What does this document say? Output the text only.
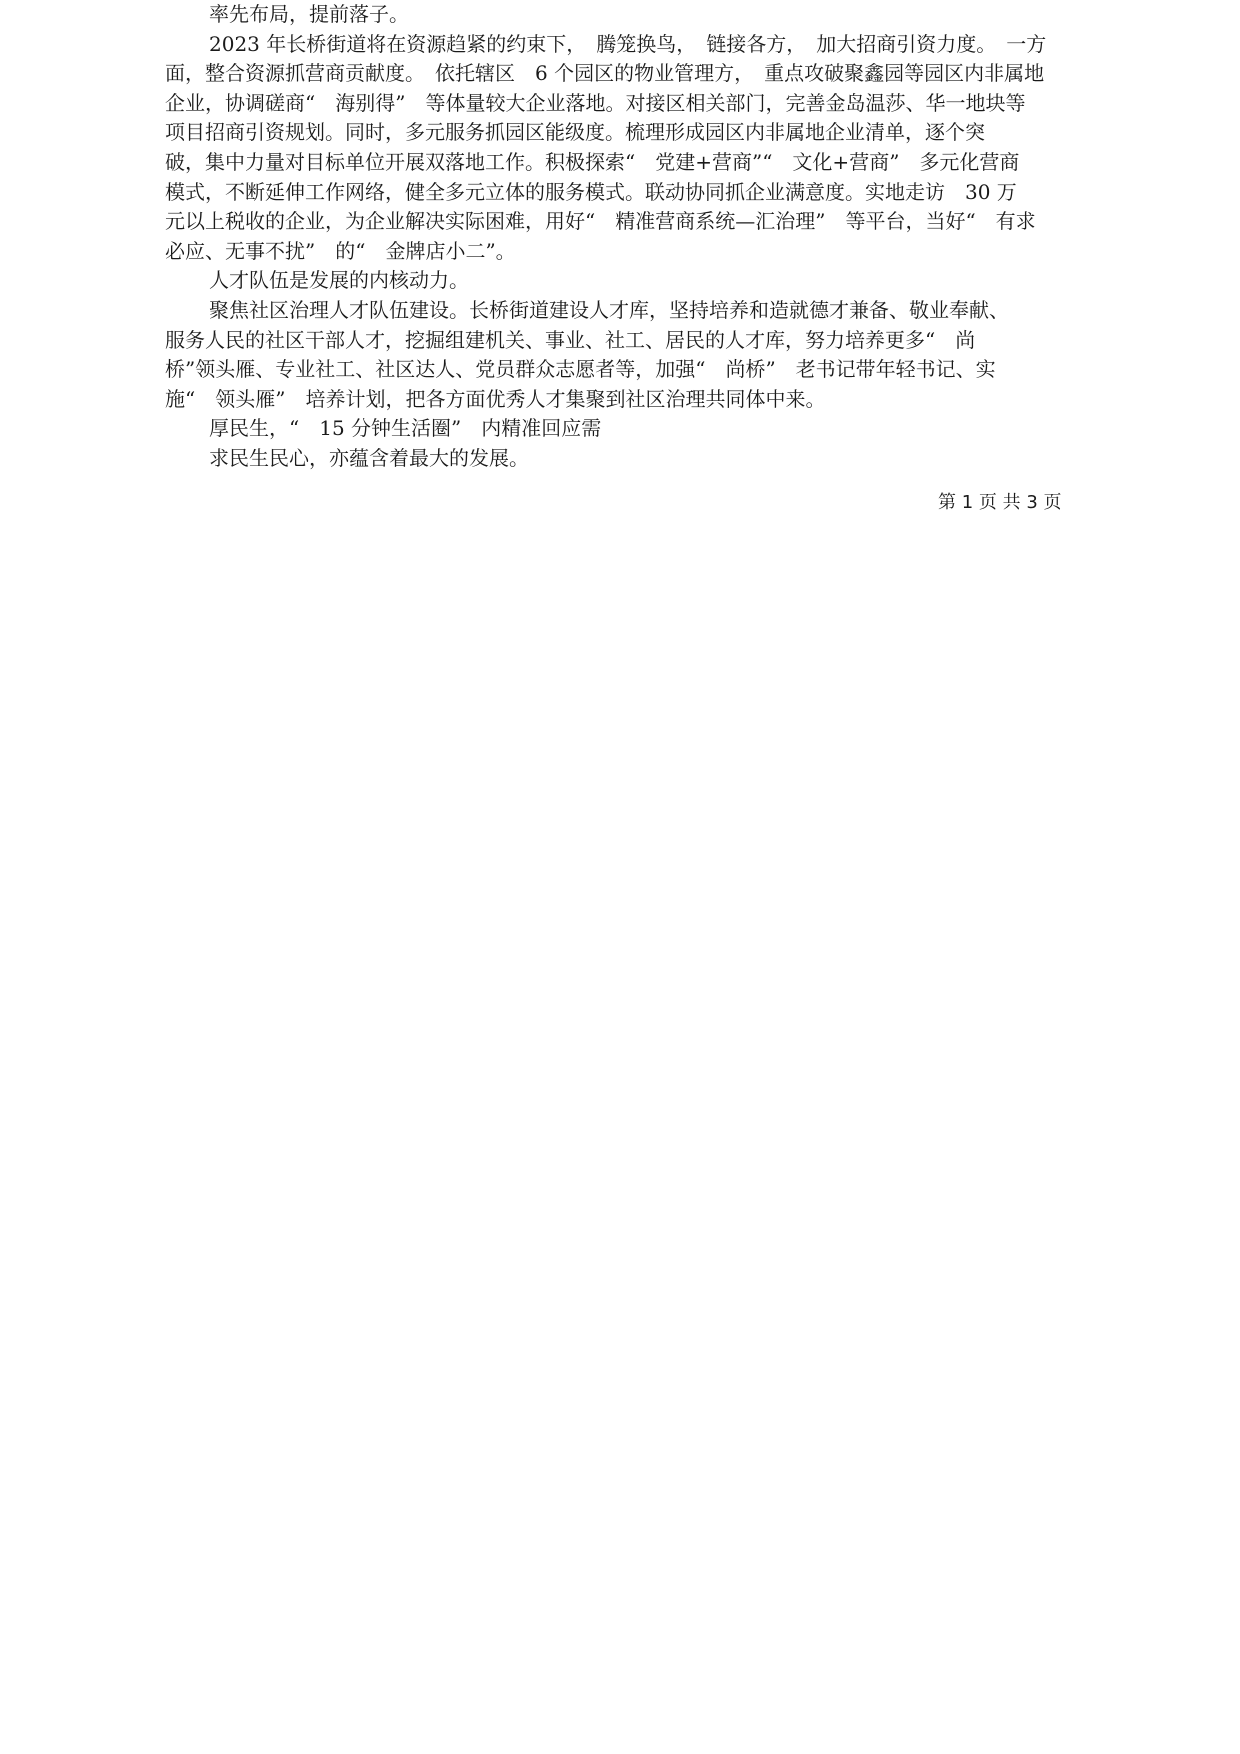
率先布局，提前落子。

2023 年长桥街道将在资源趋紧的约束下，　腾笼换鸟，　链接各方，　加大招商引资力度。　一方

面，整合资源抓营商贡献度。　依托辖区　6 个园区的物业管理方，　重点攻破聚鑫园等园区内非属地

企业，协调磋商“　海别得”　等体量较大企业落地。对接区相关部门，完善金岛温莎、华一地块等

项目招商引资规划。同时，多元服务抓园区能级度。梳理形成园区内非属地企业清单，逐个突

破，集中力量对目标单位开展双落地工作。积极探索“　党建+营商”“　文化+营商”　多元化营商

模式，不断延伸工作网络，健全多元立体的服务模式。联动协同抓企业满意度。实地走访　30 万

元以上税收的企业，为企业解决实际困难，用好“　精准营商系统—汇治理”　等平台，当好“　有求

必应、无事不扰”　的“　金牌店小二”。

人才队伍是发展的内核动力。

聚焦社区治理人才队伍建设。长桥街道建设人才库，坚持培养和造就德才兼备、敬业奉献、

服务人民的社区干部人才，挖掘组建机关、事业、社工、居民的人才库，努力培养更多“　尚

桥”领头雁、专业社工、社区达人、党员群众志愿者等，加强“　尚桥”　老书记带年轻书记、实

施“　领头雁”　培养计划，把各方面优秀人才集聚到社区治理共同体中来。

厚民生，“　15 分钟生活圈”　内精准回应需

求民生民心，亦蕴含着最大的发展。

第 1 页 共 3 页
